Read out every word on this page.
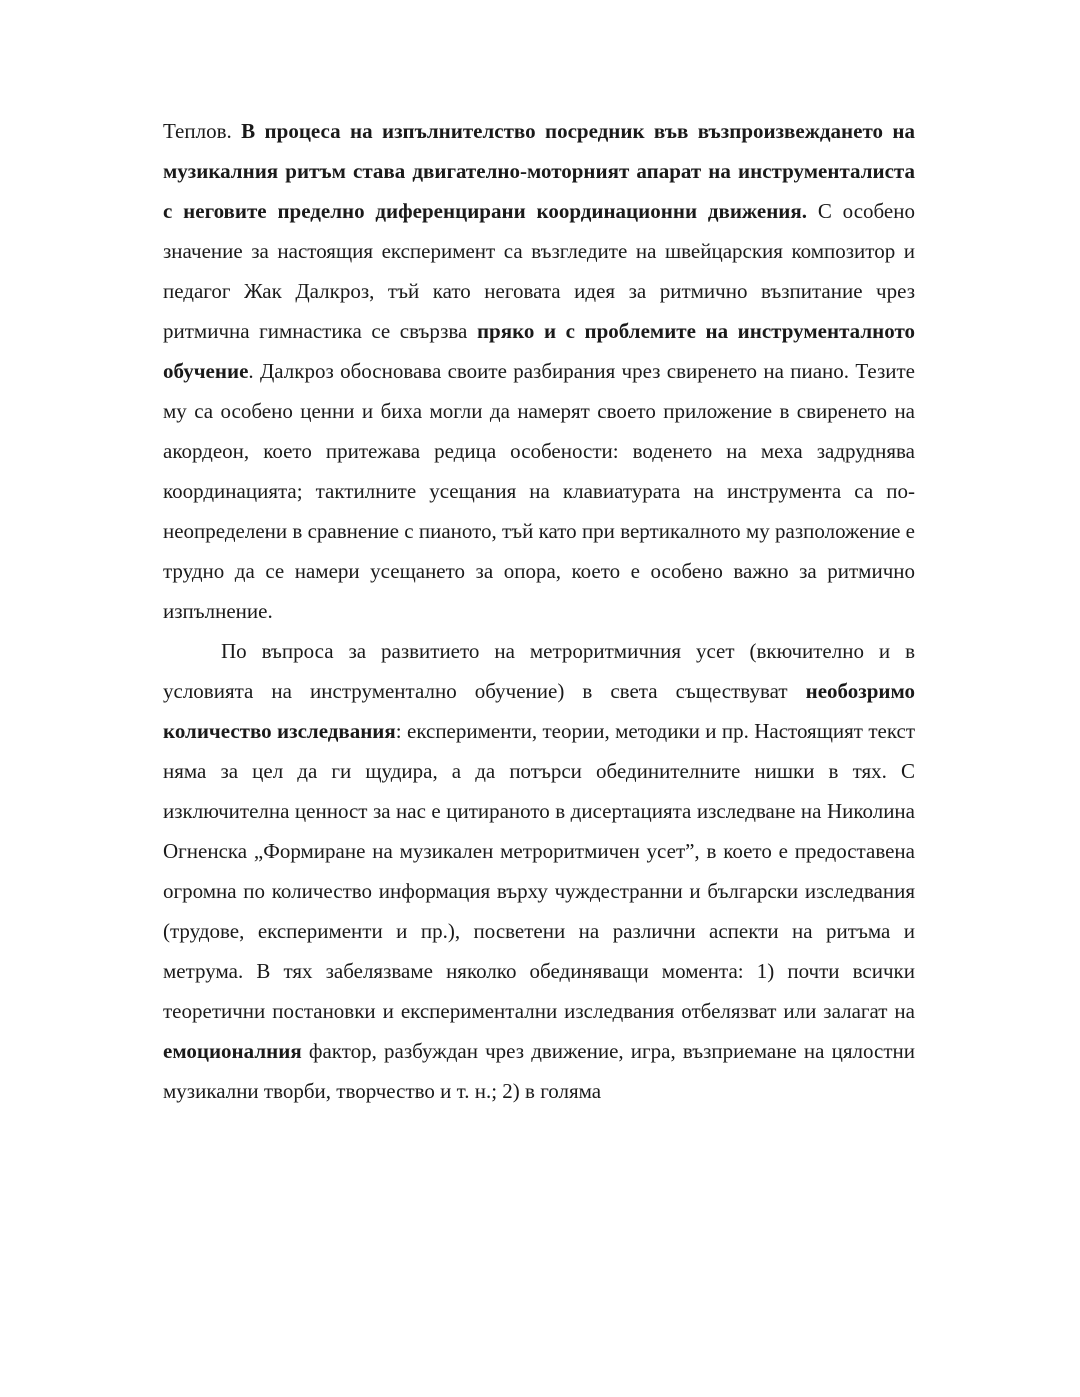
Теплов. В процеса на изпълнителство посредник във възпроизвеждането на музикалния ритъм става двигателно-моторният апарат на инструменталиста с неговите пределно диференцирани координационни движения. С особено значение за настоящия експеримент са възгледите на швейцарския композитор и педагог Жак Далкроз, тъй като неговата идея за ритмично възпитание чрез ритмична гимнастика се свързва пряко и с проблемите на инструменталното обучение. Далкроз обосновава своите разбирания чрез свиренето на пиано. Тезите му са особено ценни и биха могли да намерят своето приложение в свиренето на акордеон, което притежава редица особености: воденето на меха задруднява координацията; тактилните усещания на клавиатурата на инструмента са по-неопределени в сравнение с пианото, тъй като при вертикалното му разположение е трудно да се намери усещането за опора, което е особено важно за ритмично изпълнение.

По въпроса за развитието на метроритмичния усет (вкючително и в условията на инструментално обучение) в света съществуват необозримо количество изследвания: експерименти, теории, методики и пр. Настоящият текст няма за цел да ги щудира, а да потърси обединителните нишки в тях. С изключителна ценност за нас е цитираното в дисертацията изследване на Николина Огненска „Формиране на музикален метроритмичен усет”, в което е предоставена огромна по количество информация върху чуждестранни и български изследвания (трудове, експерименти и пр.), посветени на различни аспекти на ритъма и метрума. В тях забелязваме няколко обединяващи момента: 1) почти всички теоретични постановки и експериментални изследвания отбелязват или залагат на емоционалния фактор, разбуждан чрез движение, игра, възприемане на цялостни музикални творби, творчество и т. н.; 2) в голяма
